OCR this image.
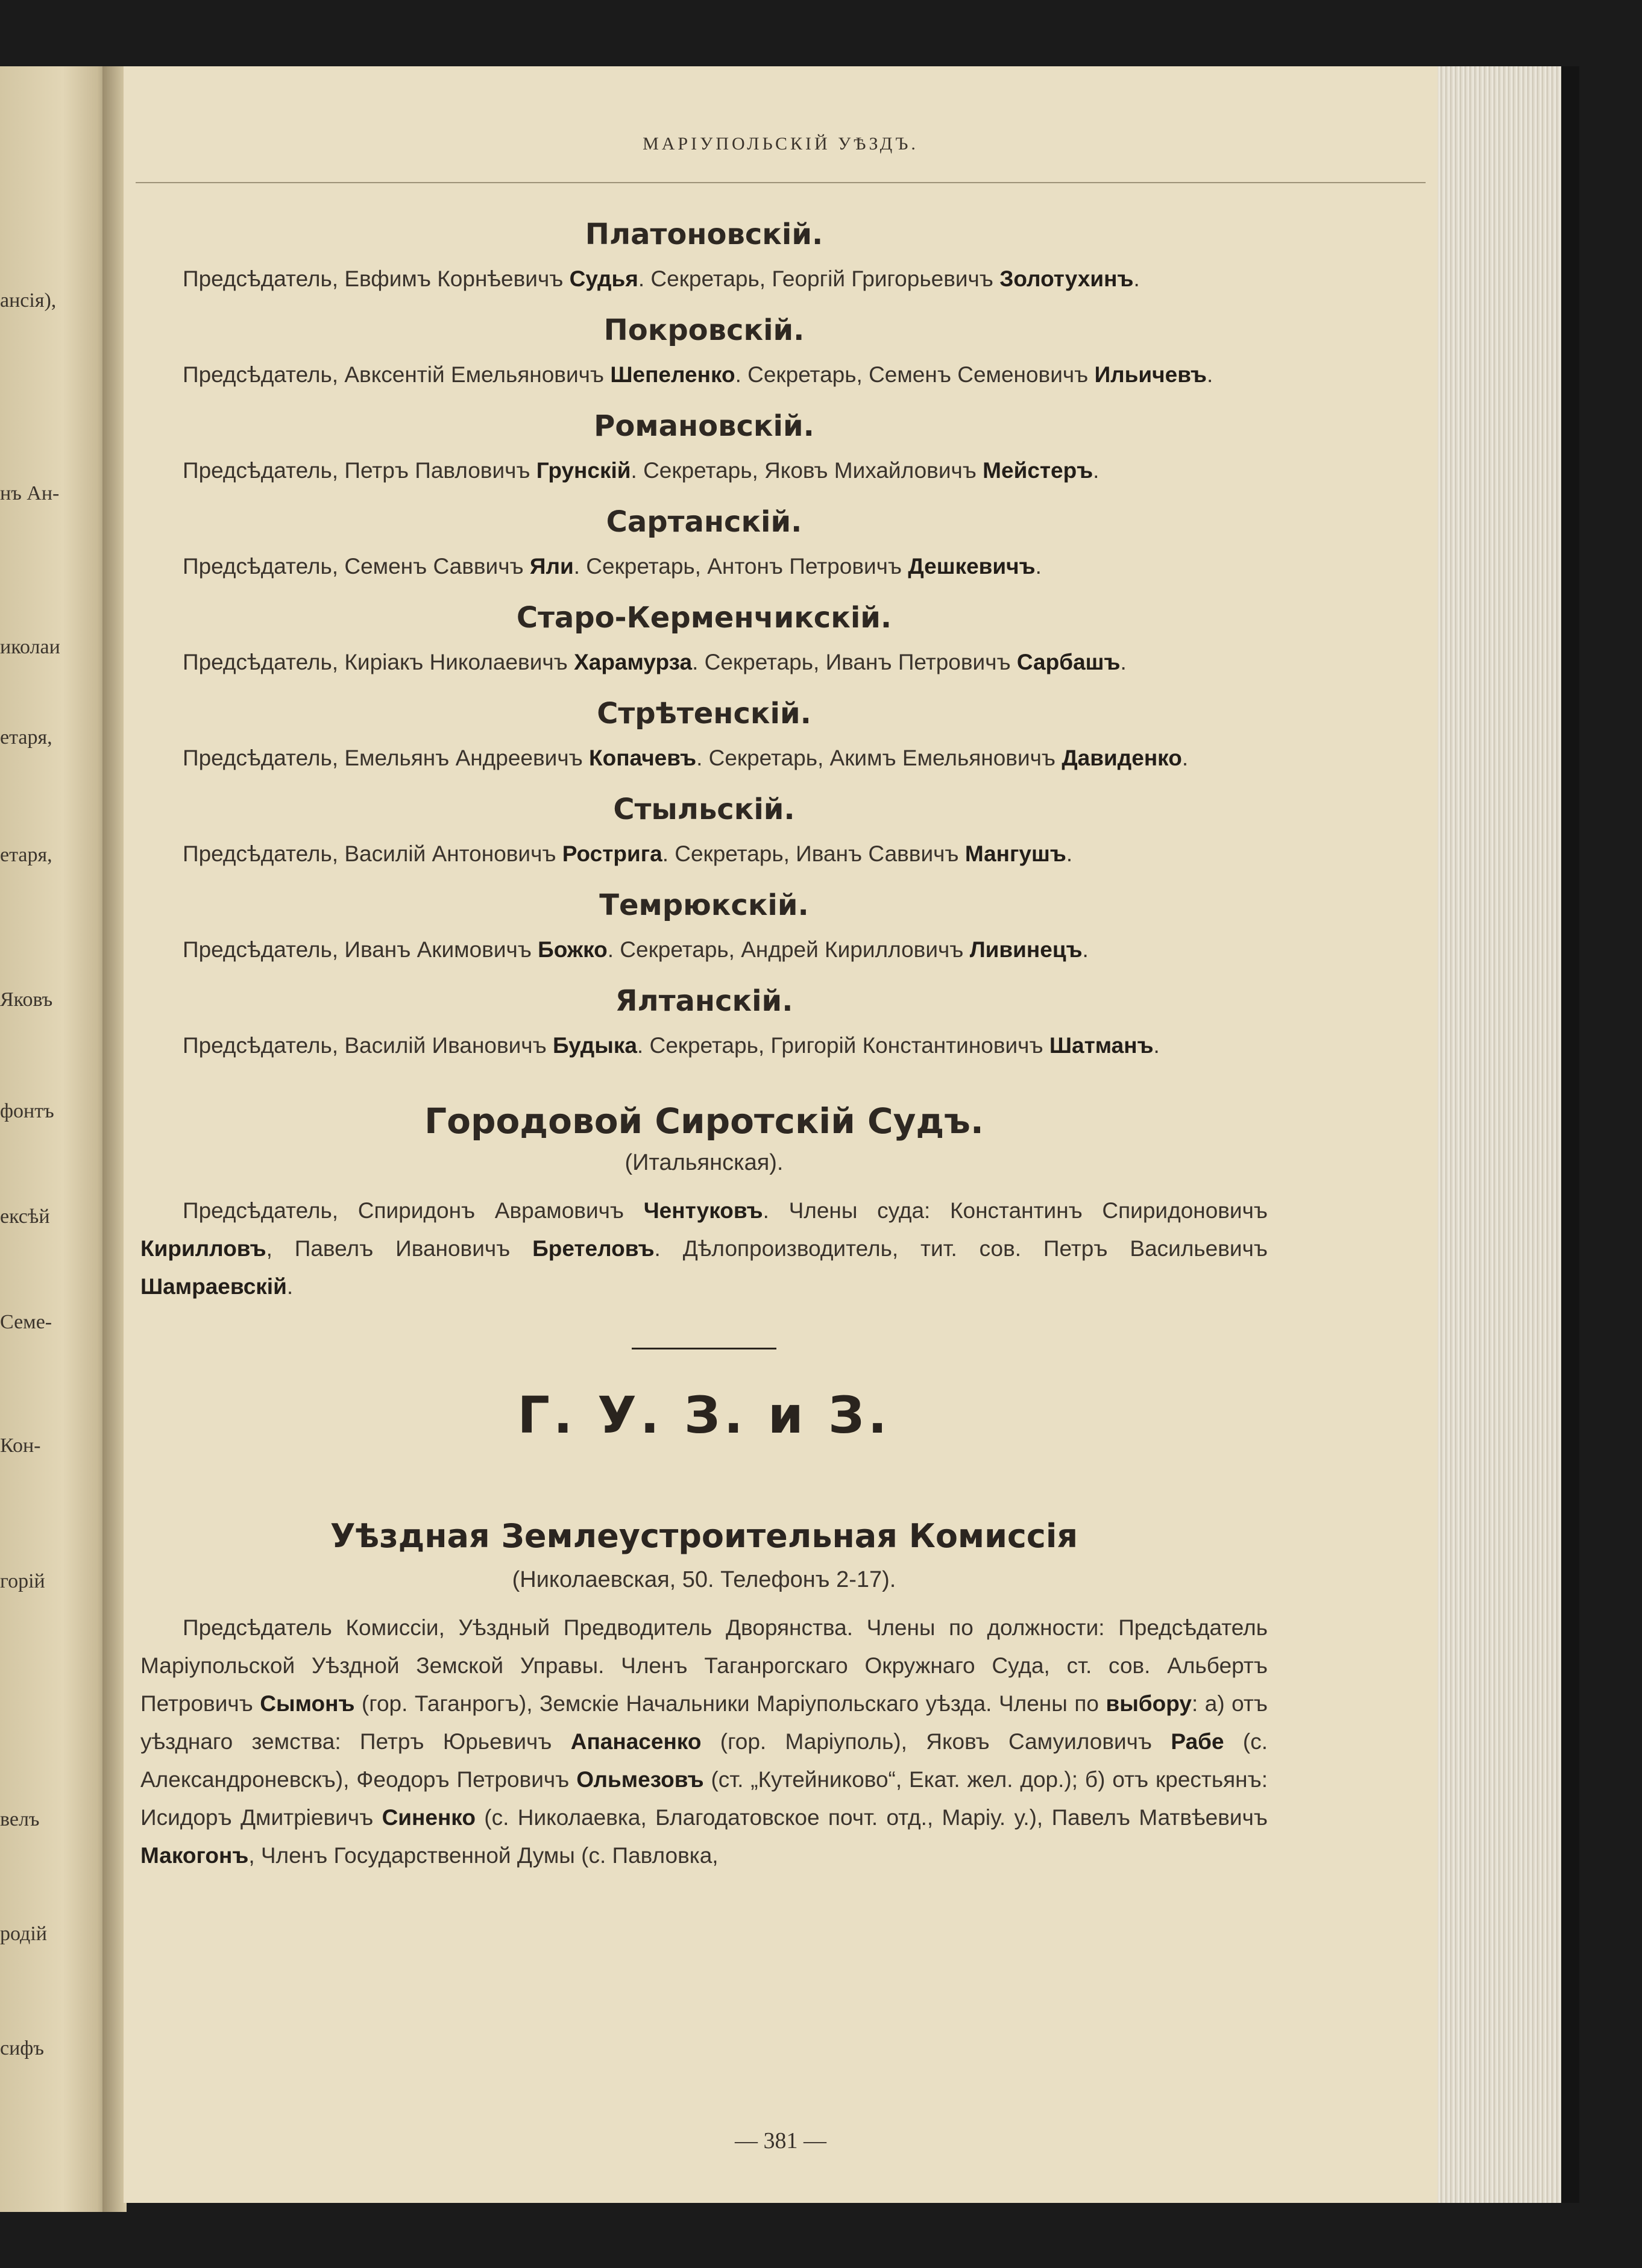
ансія),
нъ Ан-
иколаи
етаря,
етаря,
Яковъ
фонтъ
ексѣй
Семе-
Кон-
горій
велъ
родій
сифъ
МАРІУПОЛЬСКІЙ УѢЗДЪ.
Платоновскій.

Предсѣдатель, Евфимъ Корнѣевичъ Судья. Секретарь, Георгій Григорьевичъ Золотухинъ.

Покровскій.

Предсѣдатель, Авксентій Емельяновичъ Шепеленко. Секретарь, Семенъ Семеновичъ Ильичевъ.

Романовскій.

Предсѣдатель, Петръ Павловичъ Грунскій. Секретарь, Яковъ Михайловичъ Мейстеръ.

Сартанскій.

Предсѣдатель, Семенъ Саввичъ Яли. Секретарь, Антонъ Петровичъ Дешкевичъ.

Старо-Керменчикскій.

Предсѣдатель, Киріакъ Николаевичъ Харамурза. Секретарь, Иванъ Петровичъ Сарбашъ.

Стрѣтенскій.

Предсѣдатель, Емельянъ Андреевичъ Копачевъ. Секретарь, Акимъ Емельяновичъ Давиденко.

Стыльскій.

Предсѣдатель, Василій Антоновичъ Рострига. Секретарь, Иванъ Саввичъ Мангушъ.

Темрюкскій.

Предсѣдатель, Иванъ Акимовичъ Божко. Секретарь, Андрей Кирилловичъ Ливинецъ.

Ялтанскій.

Предсѣдатель, Василій Ивановичъ Будыка. Секретарь, Григорій Константиновичъ Шатманъ.

Городовой Сиротскій Судъ.
(Итальянская).

Предсѣдатель, Спиридонъ Аврамовичъ Чентуковъ. Члены суда: Константинъ Спиридоновичъ Кирилловъ, Павелъ Ивановичъ Бретеловъ. Дѣлопроизводитель, тит. сов. Петръ Васильевичъ Шамраевскій.

Г. У. З. и З.
Уѣздная Землеустроительная Комиссія
(Николаевская, 50. Телефонъ 2-17).

Предсѣдатель Комиссіи, Уѣздный Предводитель Дворянства. Члены по должности: Предсѣдатель Маріупольской Уѣздной Земской Управы. Членъ Таганрогскаго Окружнаго Суда, ст. сов. Альбертъ Петровичъ Сымонъ (гор. Таганрогъ), Земскіе Начальники Маріупольскаго уѣзда. Члены по выбору: а) отъ уѣзднаго земства: Петръ Юрьевичъ Апанасенко (гор. Маріуполь), Яковъ Самуиловичъ Рабе (с. Александроневскъ), Феодоръ Петровичъ Ольмезовъ (ст. „Кутейниково“, Екат. жел. дор.); б) отъ крестьянъ: Исидоръ Дмитріевичъ Синенко (с. Николаевка, Благодатовское почт. отд., Маріу. у.), Павелъ Матвѣевичъ Макогонъ, Членъ Государственной Думы (с. Павловка,

— 381 —
